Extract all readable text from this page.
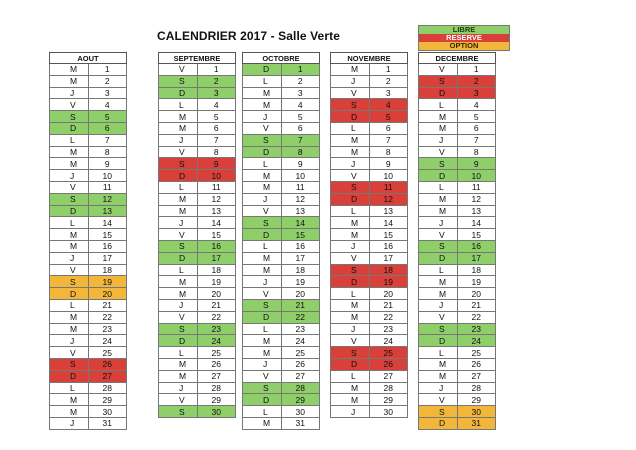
CALENDRIER 2017 - Salle Verte	LIBRE
RESERVE
OPTION
AOUT	
M	1
M	2
J	3
V	4
S	5
D	6
L	7
M	8
M	9
J	10
V	11
S	12
D	13
L	14
M	15
M	16
J	17
V	18
S	19
D	20
L	21
M	22
M	23
J	24
V	25
S	26
D	27
L	28
M	29
M	30
J	31
SEPTEMBRE	
V	1
S	2
D	3
L	4
M	5
M	6
J	7
V	8
S	9
D	10
L	11
M	12
M	13
J	14
V	15
S	16
D	17
L	18
M	19
M	20
J	21
V	22
S	23
D	24
L	25
M	26
M	27
J	28
V	29
S	30
OCTOBRE	
D	1
L	2
M	3
M	4
J	5
V	6
S	7
D	8
L	9
M	10
M	11
J	12
V	13
S	14
D	15
L	16
M	17
M	18
J	19
V	20
S	21
D	22
L	23
M	24
M	25
J	26
V	27
S	28
D	29
L	30
M	31
NOVEMBRE	
M	1
J	2
V	3
S	4
D	5
L	6
M	7
M	8
J	9
V	10
S	11
D	12
L	13
M	14
M	15
J	16
V	17
S	18
D	19
L	20
M	21
M	22
J	23
V	24
S	25
D	26
L	27
M	28
M	29
J	30
DECEMBRE	
V	1
S	2
D	3
L	4
M	5
M	6
J	7
V	8
S	9
D	10
L	11
M	12
M	13
J	14
V	15
S	16
D	17
L	18
M	19
M	20
J	21
V	22
S	23
D	24
L	25
M	26
M	27
J	28
V	29
S	30
D	31
